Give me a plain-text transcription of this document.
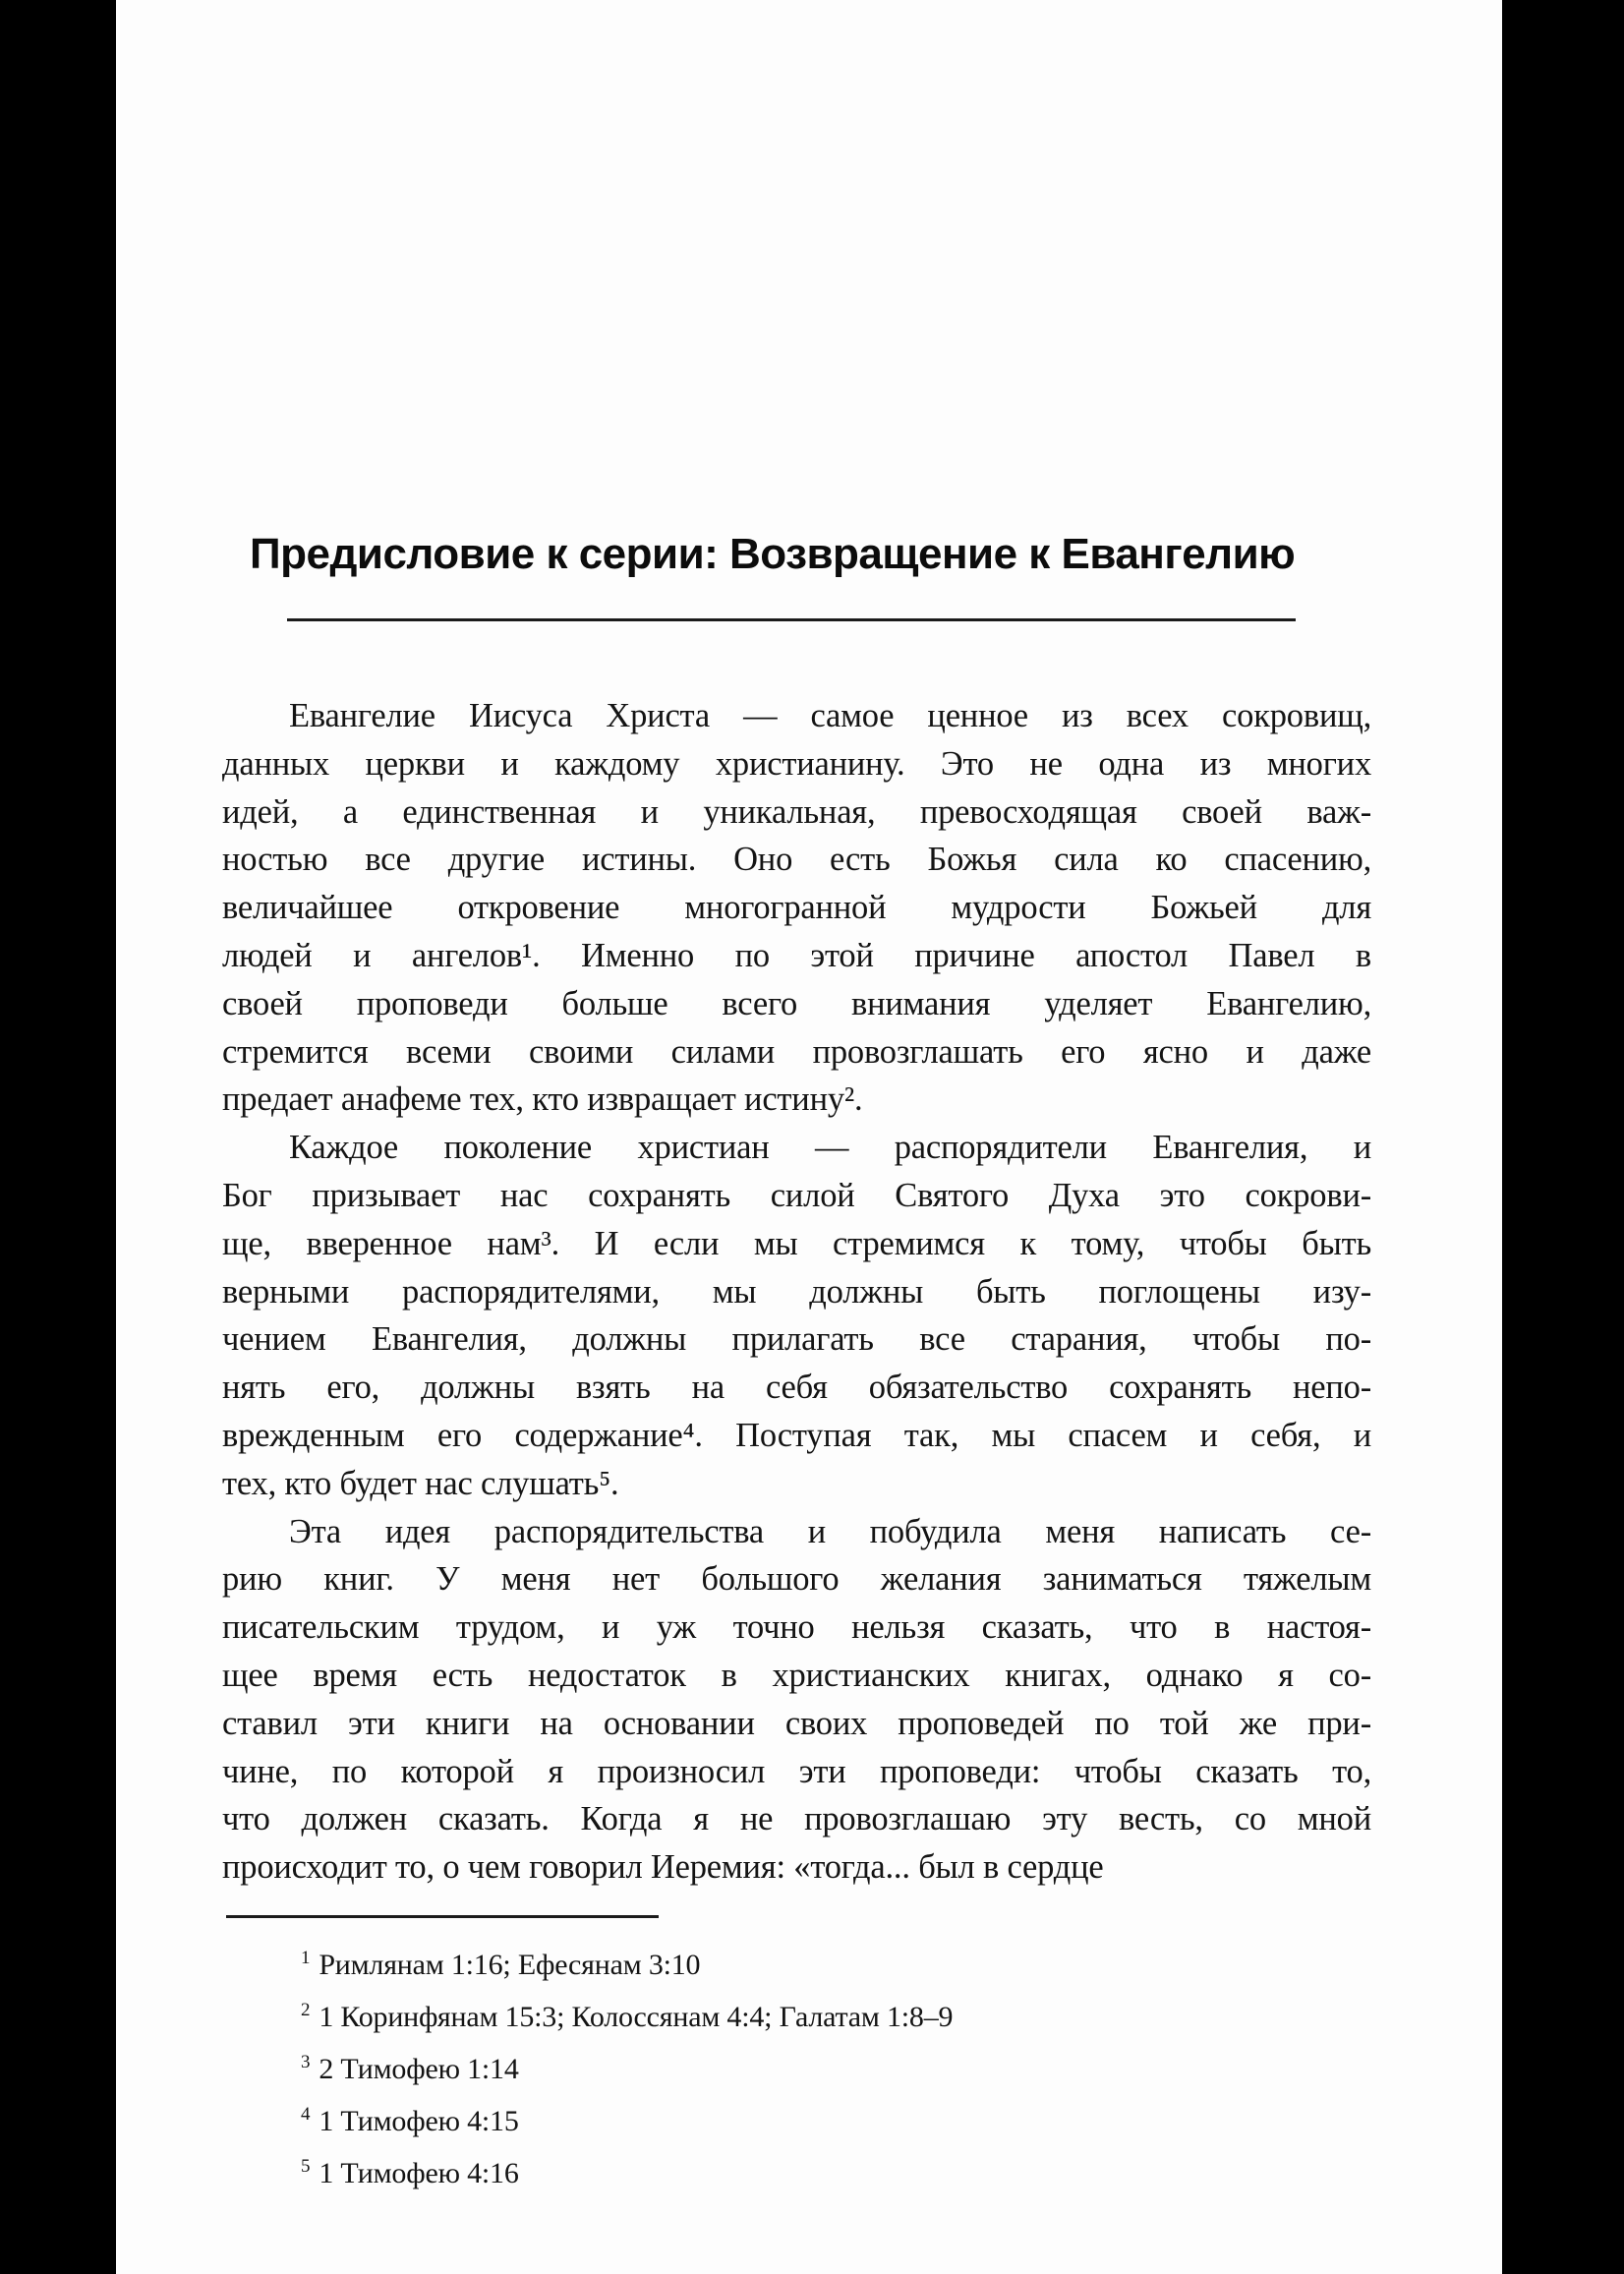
Предисловие к серии: Возвращение к Евангелию
Евангелие Иисуса Христа — самое ценное из всех сокровищ,
данных церкви и каждому христианину. Это не одна из многих
идей, а единственная и уникальная, превосходящая своей важ-
ностью все другие истины. Оно есть Божья сила ко спасению,
величайшее откровение многогранной мудрости Божьей для
людей и ангелов¹. Именно по этой причине апостол Павел в
своей проповеди больше всего внимания уделяет Евангелию,
стремится всеми своими силами провозглашать его ясно и даже
предает анафеме тех, кто извращает истину².
Каждое поколение христиан — распорядители Евангелия, и
Бог призывает нас сохранять силой Святого Духа это сокрови-
ще, вверенное нам³. И если мы стремимся к тому, чтобы быть
верными распорядителями, мы должны быть поглощены изу-
чением Евангелия, должны прилагать все старания, чтобы по-
нять его, должны взять на себя обязательство сохранять непо-
врежденным его содержание⁴. Поступая так, мы спасем и себя, и
тех, кто будет нас слушать⁵.
Эта идея распорядительства и побудила меня написать се-
рию книг. У меня нет большого желания заниматься тяжелым
писательским трудом, и уж точно нельзя сказать, что в настоя-
щее время есть недостаток в христианских книгах, однако я со-
ставил эти книги на основании своих проповедей по той же при-
чине, по которой я произносил эти проповеди: чтобы сказать то,
что должен сказать. Когда я не провозглашаю эту весть, со мной
происходит то, о чем говорил Иеремия: «тогда... был в сердце
$^1$ Римлянам 1:16; Ефесянам 3:10
$^2$ 1 Коринфянам 15:3; Колоссянам 4:4; Галатам 1:8–9
$^3$ 2 Тимофею 1:14
$^4$ 1 Тимофею 4:15
$^5$ 1 Тимофею 4:16
